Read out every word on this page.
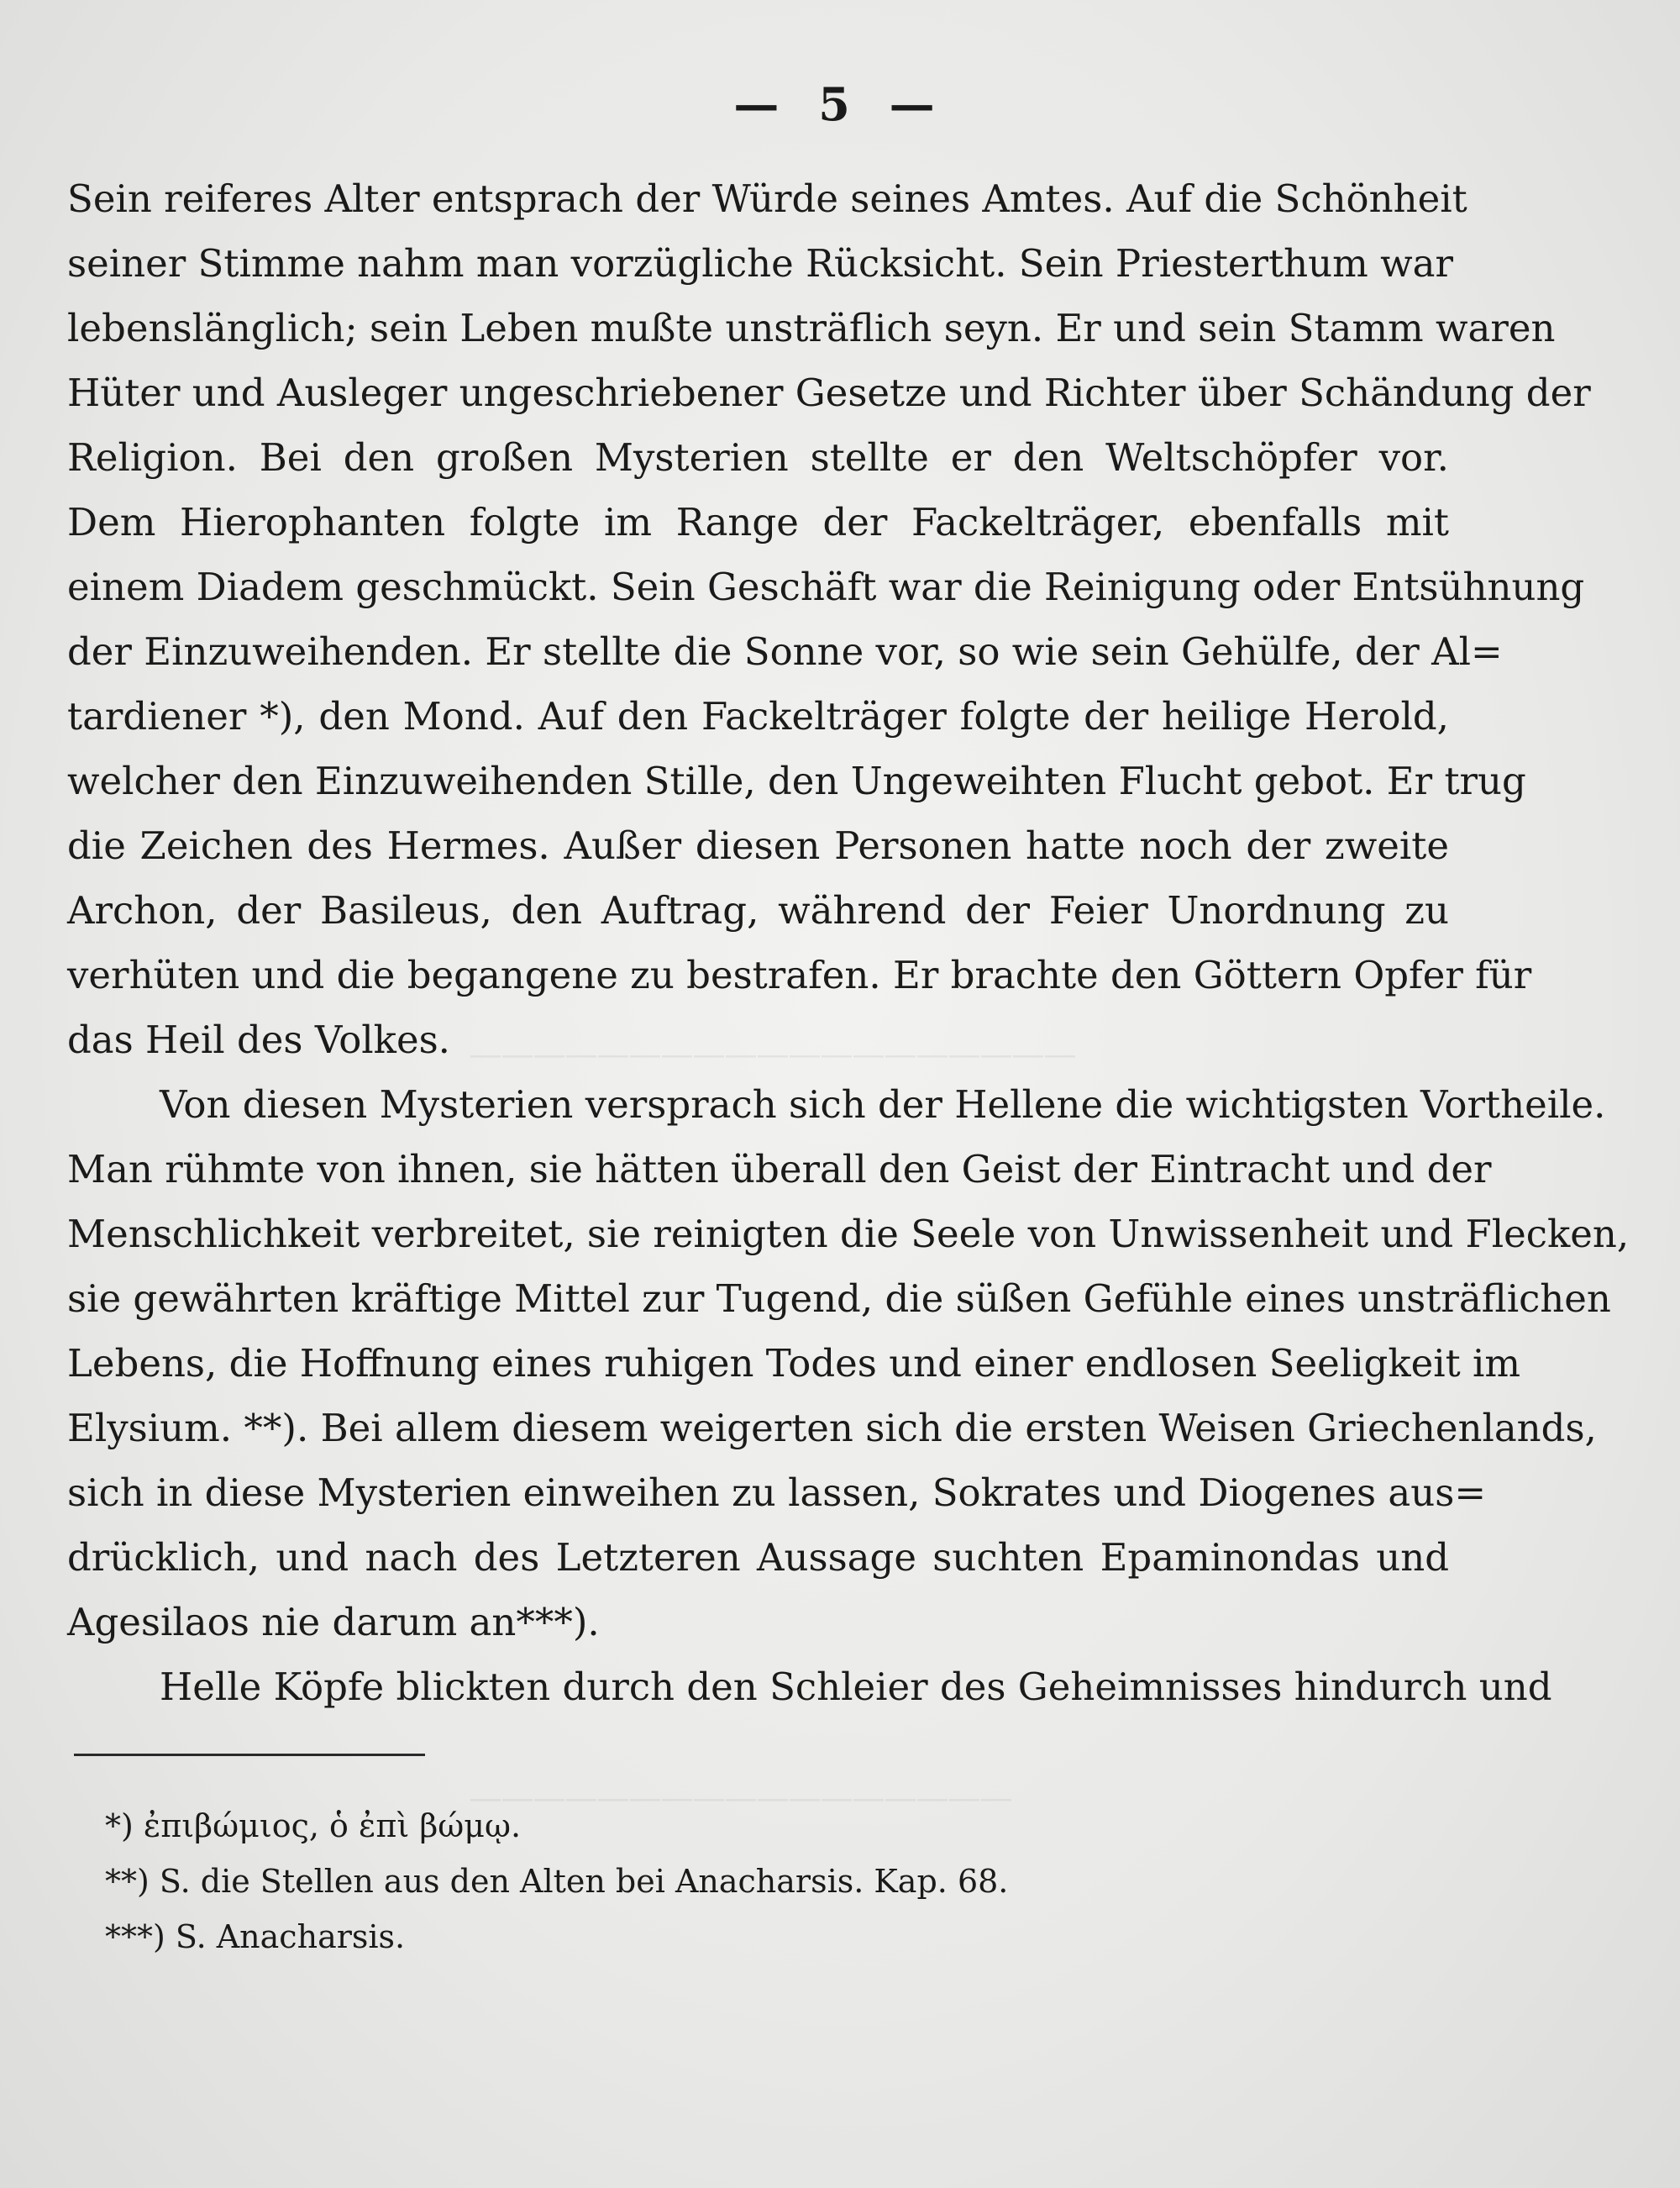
―――――――――――――――――――
―――――――――――――――――
— 5 —
Sein reiferes Alter entsprach der Würde seines Amtes. Auf die Schönheit
seiner Stimme nahm man vorzügliche Rücksicht. Sein Priesterthum war
lebenslänglich; sein Leben mußte unsträflich seyn. Er und sein Stamm waren
Hüter und Ausleger ungeschriebener Gesetze und Richter über Schändung der
Religion. Bei den großen Mysterien stellte er den Weltschöpfer vor.
Dem Hierophanten folgte im Range der Fackelträger, ebenfalls mit
einem Diadem geschmückt. Sein Geschäft war die Reinigung oder Entsühnung
der Einzuweihenden. Er stellte die Sonne vor, so wie sein Gehülfe, der Al=
tardiener *), den Mond. Auf den Fackelträger folgte der heilige Herold,
welcher den Einzuweihenden Stille, den Ungeweihten Flucht gebot. Er trug
die Zeichen des Hermes. Außer diesen Personen hatte noch der zweite
Archon, der Basileus, den Auftrag, während der Feier Unordnung zu
verhüten und die begangene zu bestrafen. Er brachte den Göttern Opfer für
das Heil des Volkes.
Von diesen Mysterien versprach sich der Hellene die wichtigsten Vortheile.
Man rühmte von ihnen, sie hätten überall den Geist der Eintracht und der
Menschlichkeit verbreitet, sie reinigten die Seele von Unwissenheit und Flecken,
sie gewährten kräftige Mittel zur Tugend, die süßen Gefühle eines unsträflichen
Lebens, die Hoffnung eines ruhigen Todes und einer endlosen Seeligkeit im
Elysium. **). Bei allem diesem weigerten sich die ersten Weisen Griechenlands,
sich in diese Mysterien einweihen zu lassen, Sokrates und Diogenes aus=
drücklich, und nach des Letzteren Aussage suchten Epaminondas und
Agesilaos nie darum an***).
Helle Köpfe blickten durch den Schleier des Geheimnisses hindurch und
*) ἐπιβώμιος, ὁ ἐπὶ βώμῳ.
**) S. die Stellen aus den Alten bei Anacharsis. Kap. 68.
***) S. Anacharsis.
